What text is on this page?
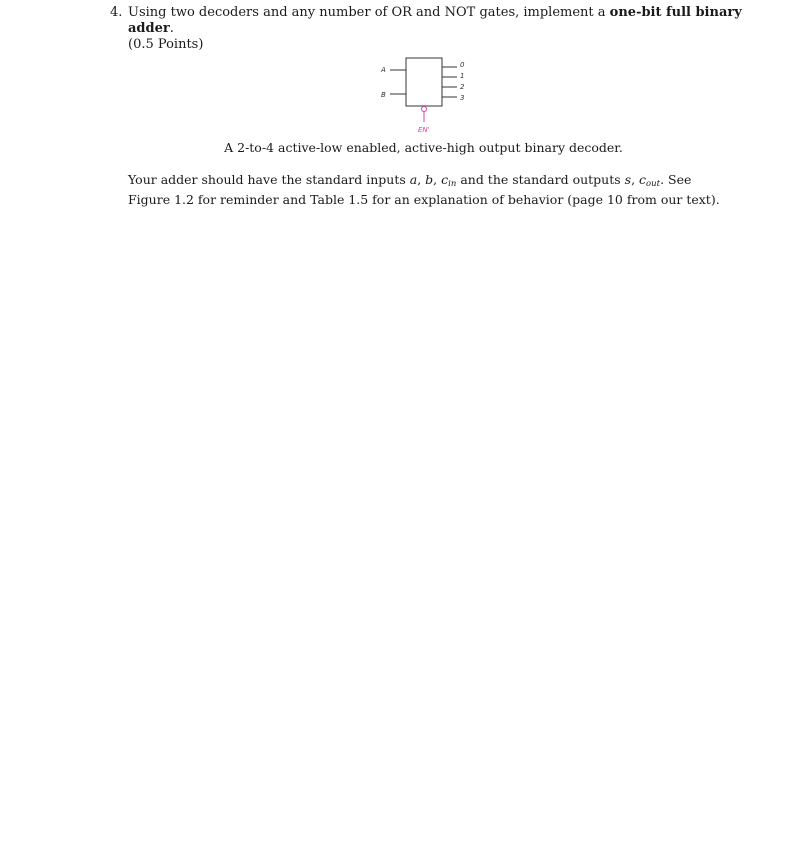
4. Using two decoders and any number of OR and NOT gates, implement a one-bit full binary adder.
(0.5 Points)
A
B
0
1
2
3
EN'
A 2-to-4 active-low enabled, active-high output binary decoder.
Your adder should have the standard inputs a, b, $c_{in}$ and the standard outputs s, $c_{out}$. See Figure 1.2 for reminder and Table 1.5 for an explanation of behavior (page 10 from our text).
